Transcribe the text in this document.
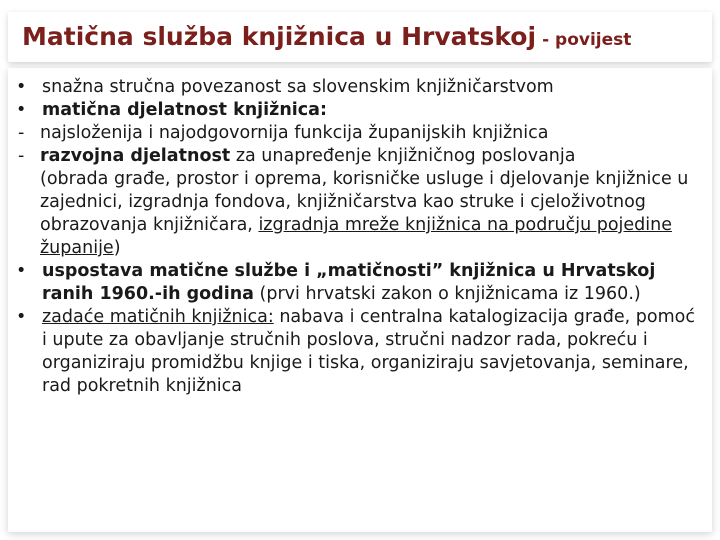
Matična služba knjižnica u Hrvatskoj - povijest
• snažna stručna povezanost sa slovenskim knjižničarstvom
• matična djelatnost knjižnica:
- najsloženija i najodgovornija funkcija županijskih knjižnica
- razvojna djelatnost za unapređenje knjižničnog poslovanja
(obrada građe, prostor i oprema, korisničke usluge i djelovanje knjižnice u zajednici, izgradnja fondova, knjižničarstva kao struke i cjeloživotnog obrazovanja knjižničara, izgradnja mreže knjižnica na području pojedine županije)
• uspostava matične službe i „matičnosti” knjižnica u Hrvatskoj ranih 1960.-ih godina (prvi hrvatski zakon o knjižnicama iz 1960.)
• zadaće matičnih knjižnica: nabava i centralna katalogizacija građe, pomoć i upute za obavljanje stručnih poslova, stručni nadzor rada, pokreću i organiziraju promidžbu knjige i tiska, organiziraju savjetovanja, seminare, rad pokretnih knjižnica
